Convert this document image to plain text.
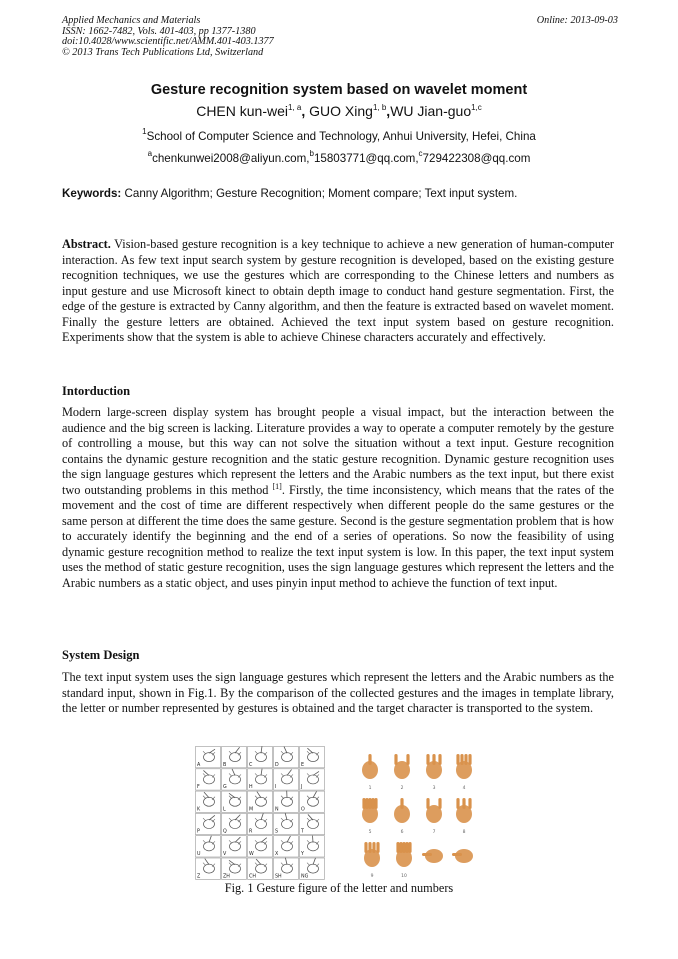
Applied Mechanics and Materials
ISSN: 1662-7482, Vols. 401-403, pp 1377-1380
doi:10.4028/www.scientific.net/AMM.401-403.1377
© 2013 Trans Tech Publications Ltd, Switzerland
Online: 2013-09-03
Gesture recognition system based on wavelet moment
CHEN kun-wei$^{1, a}$, GUO Xing$^{1, b}$,WU Jian-guo$^{1,c}$
$^1$School of Computer Science and Technology, Anhui University, Hefei, China
$^a$chenkunwei2008@aliyun.com,$^b$15803771@qq.com,$^c$729422308@qq.com
Keywords: Canny Algorithm; Gesture Recognition; Moment compare; Text input system.
Abstract. Vision-based gesture recognition is a key technique to achieve a new generation of human-computer interaction. As few text input search system by gesture recognition is developed, based on the existing gesture recognition techniques, we use the gestures which are corresponding to the Chinese letters and numbers as input gesture and use Microsoft kinect to obtain depth image to conduct hand gesture segmentation. First, the edge of the gesture is extracted by Canny algorithm, and then the feature is extracted based on wavelet moment. Finally the gesture letters are obtained. Achieved the text input system based on gesture recognition. Experiments show that the system is able to achieve Chinese characters accurately and effectively.
Intorduction
Modern large-screen display system has brought people a visual impact, but the interaction between the audience and the big screen is lacking. Literature provides a way to operate a computer remotely by the gesture of controlling a mouse, but this way can not solve the situation without a text input. Gesture recognition contains the dynamic gesture recognition and the static gesture recognition. Dynamic gesture recognition uses the sign language gestures which represent the letters and the Arabic numbers as the text input, but there exist two outstanding problems in this method [1]. Firstly, the time inconsistency, which means that the rates of the movement and the cost of time are different respectively when different people do the same gestures or the same person at different the time does the same gesture. Second is the gesture segmentation problem that is how to accurately identify the beginning and the end of a series of operations. So now the feasibility of using dynamic gesture recognition method to realize the text input system is low. In this paper, the text input system uses the method of static gesture recognition, uses the sign language gestures which represent the letters and the Arabic numbers as a static object, and uses pinyin input method to achieve the function of text input.
System Design
The text input system uses the sign language gestures which represent the letters and the Arabic numbers as the standard input, shown in Fig.1. By the comparison of the collected gestures and the images in template library, the letter or number represented by gestures is obtained and the target character is transported to the system.
A	B	C	D	E
F	G	H	I	J
K	L	M	N	O
P	Q	R	S	T
U	V	W	X	Y
Z	ZH	CH	SH	NG
1	2	3	4
5	6	7	8
9	10
Fig. 1 Gesture figure of the letter and numbers
